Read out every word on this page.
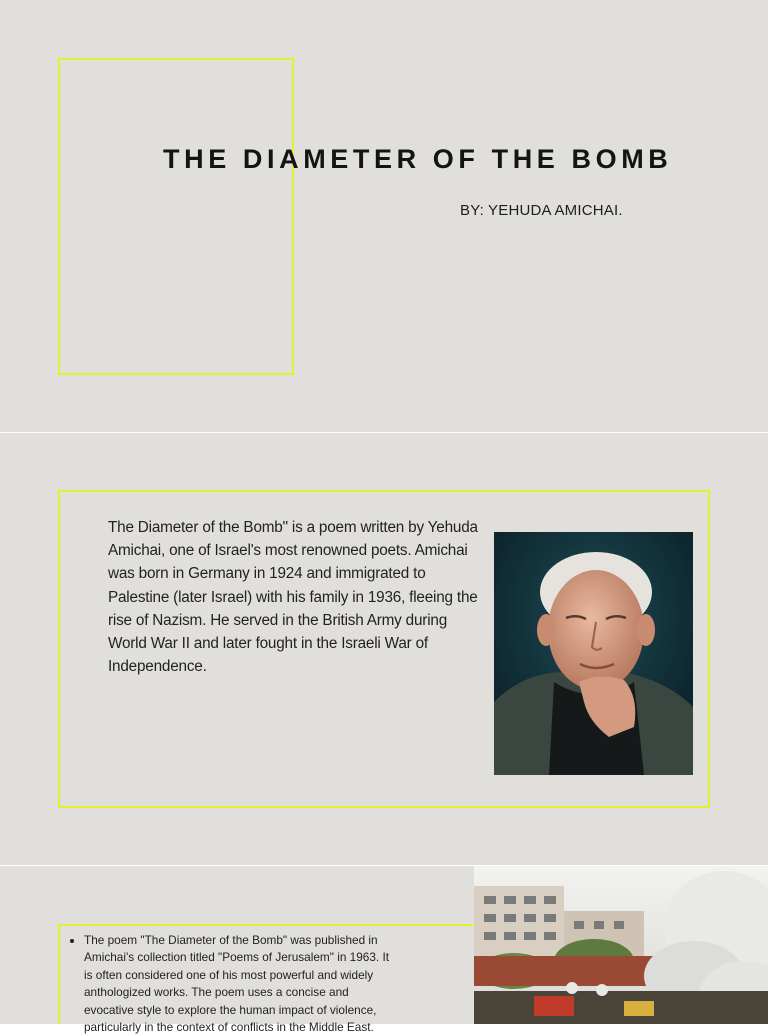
THE DIAMETER OF THE BOMB
BY: YEHUDA AMICHAI.
The Diameter of the Bomb" is a poem written by Yehuda Amichai, one of Israel's most renowned poets. Amichai was born in Germany in 1924 and immigrated to Palestine (later Israel) with his family in 1936, fleeing the rise of Nazism. He served in the British Army during World War II and later fought in the Israeli War of Independence.
• The poem "The Diameter of the Bomb" was published in Amichai's collection titled "Poems of Jerusalem" in 1963. It is often considered one of his most powerful and widely anthologized works. The poem uses a concise and evocative style to explore the human impact of violence, particularly in the context of conflicts in the Middle East.
